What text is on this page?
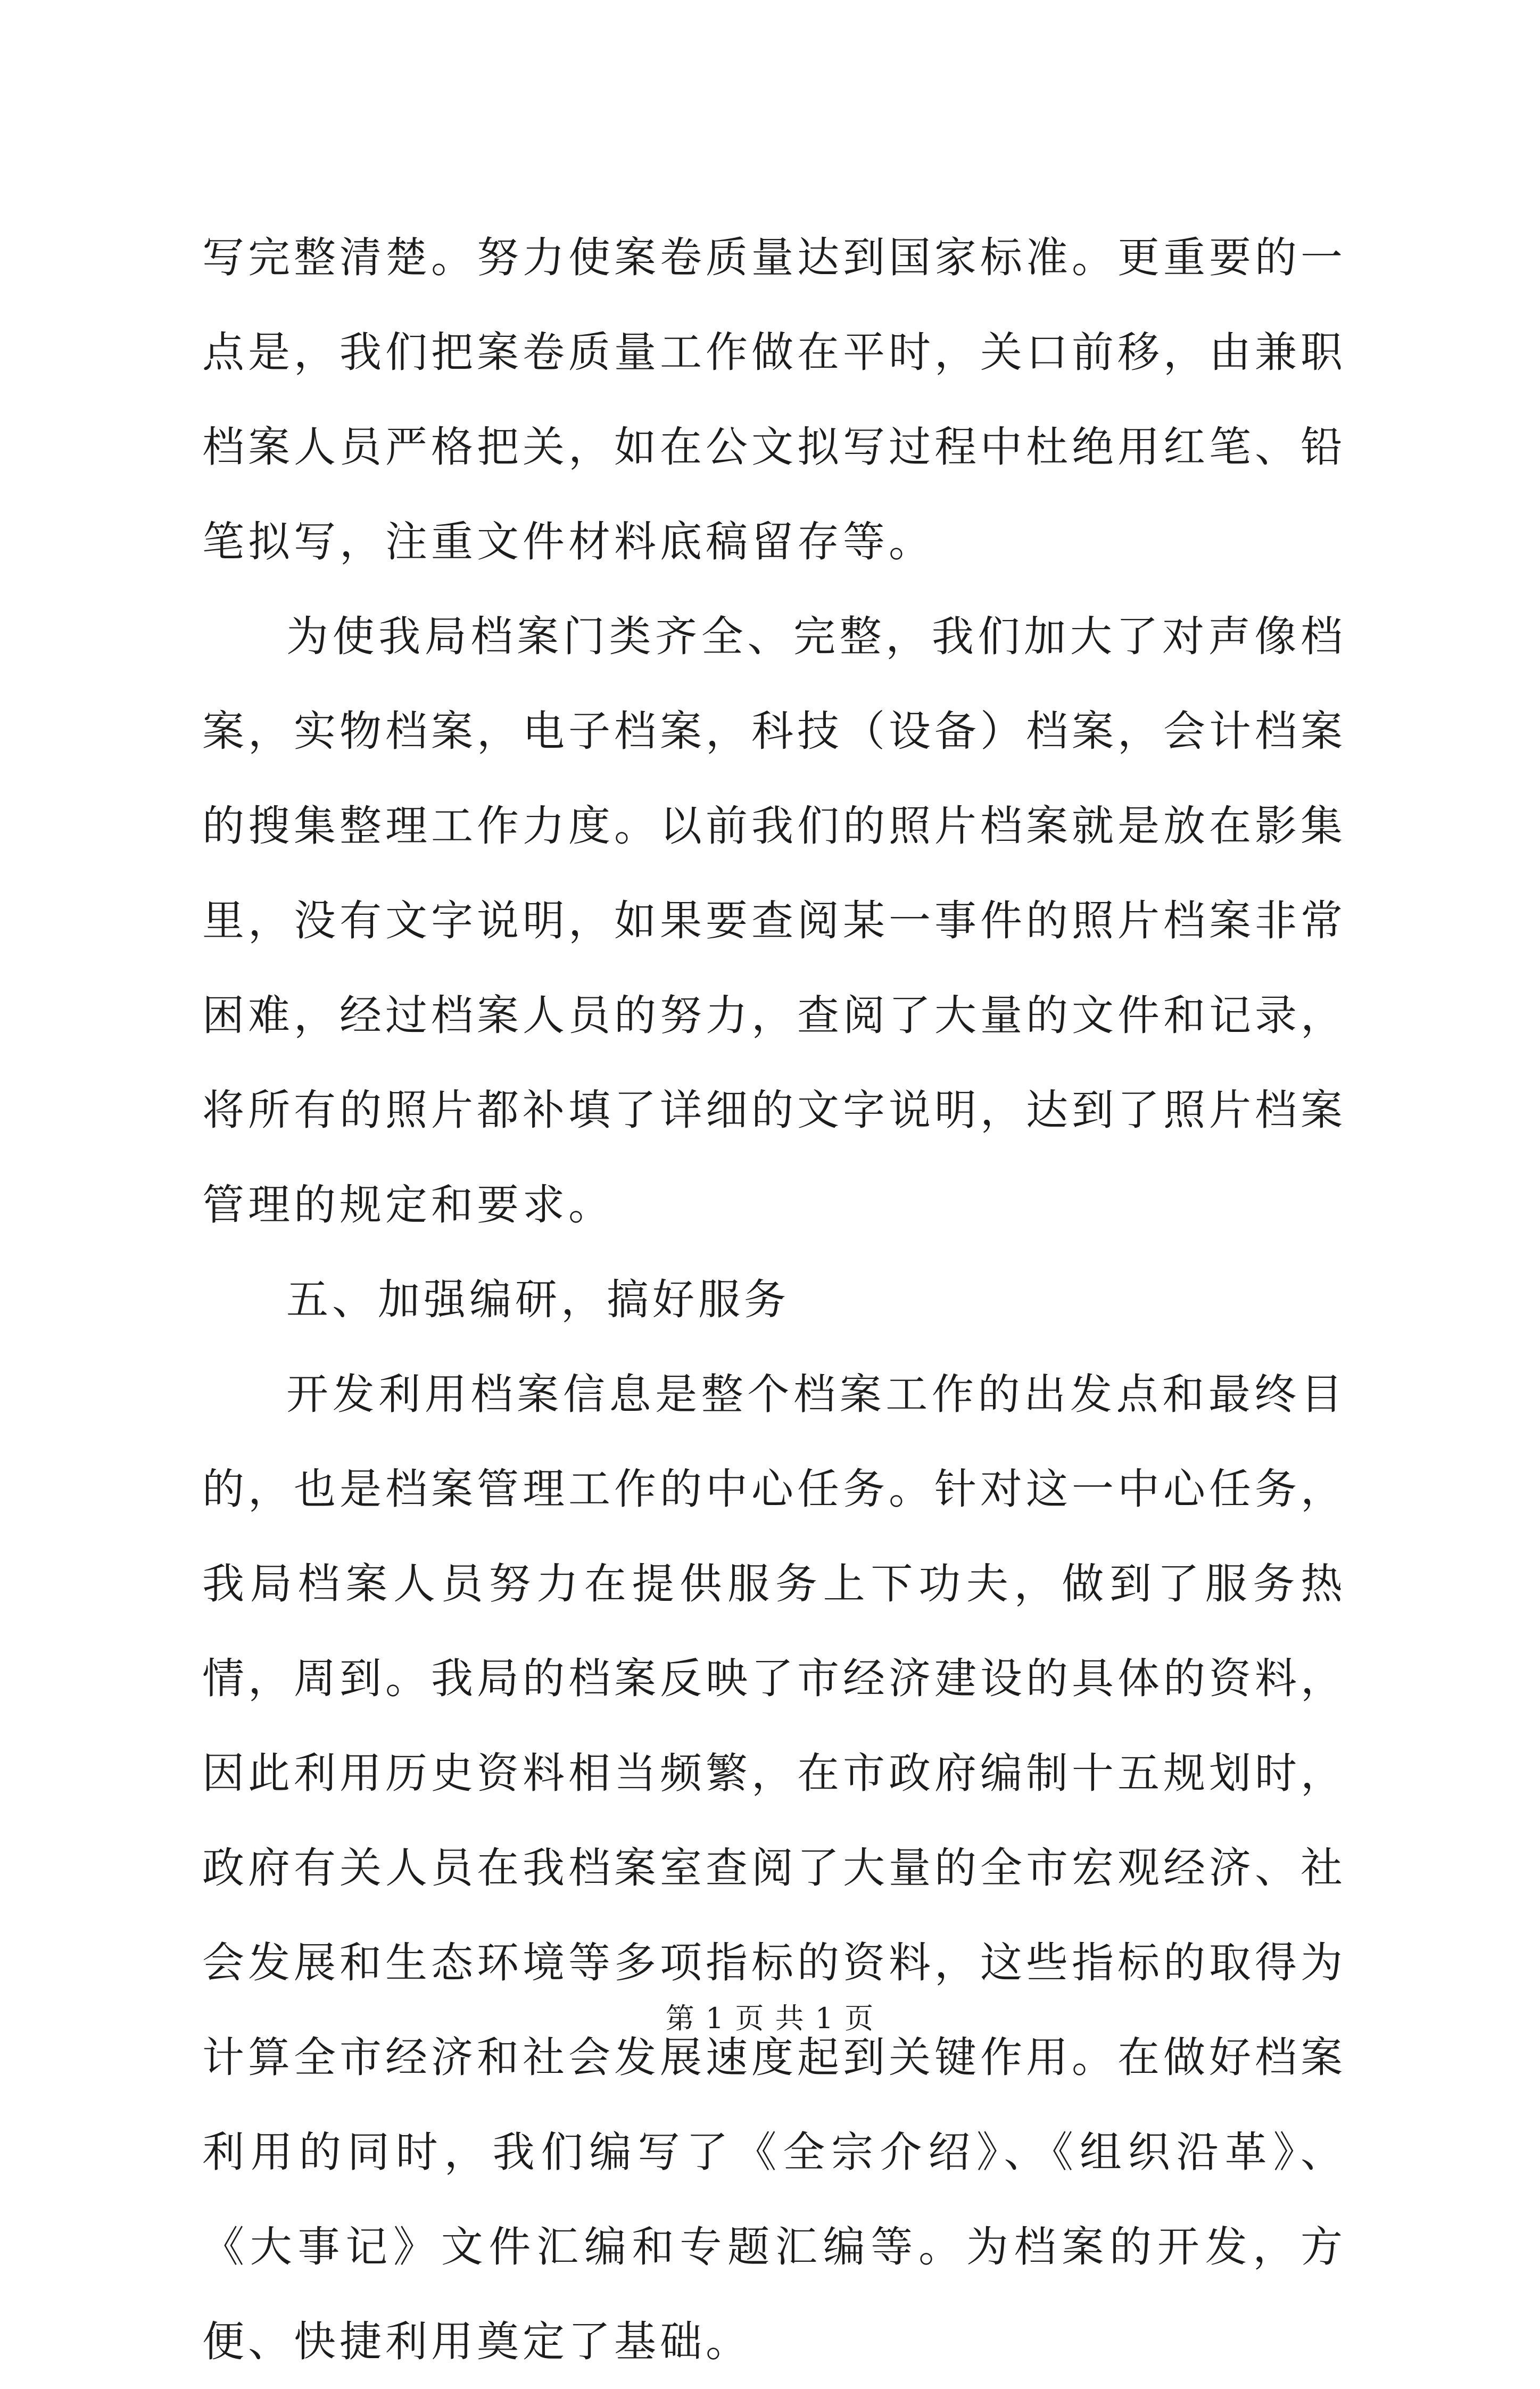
写完整清楚。努力使案卷质量达到国家标准。更重要的一点是，我们把案卷质量工作做在平时，关口前移，由兼职档案人员严格把关，如在公文拟写过程中杜绝用红笔、铅笔拟写，注重文件材料底稿留存等。

为使我局档案门类齐全、完整，我们加大了对声像档案，实物档案，电子档案，科技（设备）档案，会计档案的搜集整理工作力度。以前我们的照片档案就是放在影集里，没有文字说明，如果要查阅某一事件的照片档案非常困难，经过档案人员的努力，查阅了大量的文件和记录，将所有的照片都补填了详细的文字说明，达到了照片档案管理的规定和要求。

五、加强编研，搞好服务

开发利用档案信息是整个档案工作的出发点和最终目的，也是档案管理工作的中心任务。针对这一中心任务，我局档案人员努力在提供服务上下功夫，做到了服务热情，周到。我局的档案反映了市经济建设的具体的资料，因此利用历史资料相当频繁，在市政府编制十五规划时，政府有关人员在我档案室查阅了大量的全市宏观经济、社会发展和生态环境等多项指标的资料，这些指标的取得为计算全市经济和社会发展速度起到关键作用。在做好档案利用的同时，我们编写了《全宗介绍》、《组织沿革》、《大事记》文件汇编和专题汇编等。为档案的开发，方便、快捷利用奠定了基础。

第 1 页 共 1 页
